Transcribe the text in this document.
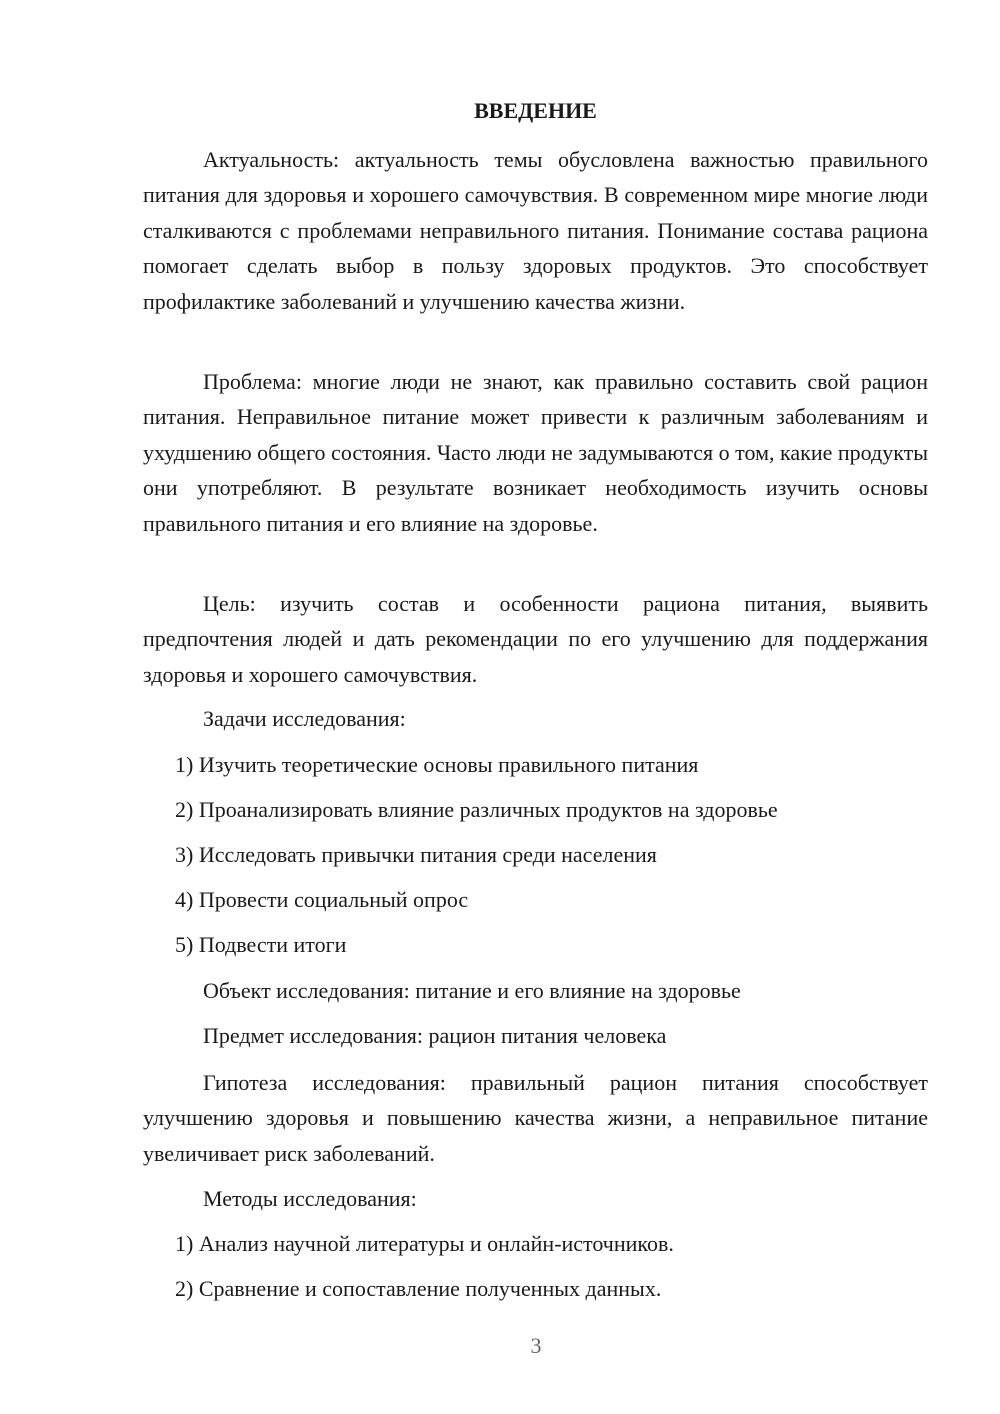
ВВЕДЕНИЕ

Актуальность: актуальность темы обусловлена важностью правильного питания для здоровья и хорошего самочувствия. В современном мире многие люди сталкиваются с проблемами неправильного питания. Понимание состава рациона помогает сделать выбор в пользу здоровых продуктов. Это способствует профилактике заболеваний и улучшению качества жизни.

Проблема: многие люди не знают, как правильно составить свой рацион питания. Неправильное питание может привести к различным заболеваниям и ухудшению общего состояния. Часто люди не задумываются о том, какие продукты они употребляют. В результате возникает необходимость изучить основы правильного питания и его влияние на здоровье.

Цель: изучить состав и особенности рациона питания, выявить предпочтения людей и дать рекомендации по его улучшению для поддержания здоровья и хорошего самочувствия.

Задачи исследования:
1) Изучить теоретические основы правильного питания
2) Проанализировать влияние различных продуктов на здоровье
3) Исследовать привычки питания среди населения
4) Провести социальный опрос
5) Подвести итоги
Объект исследования: питание и его влияние на здоровье
Предмет исследования: рацион питания человека

Гипотеза исследования: правильный рацион питания способствует улучшению здоровья и повышению качества жизни, а неправильное питание увеличивает риск заболеваний.

Методы исследования:
1) Анализ научной литературы и онлайн-источников.
2) Сравнение и сопоставление полученных данных.
3
